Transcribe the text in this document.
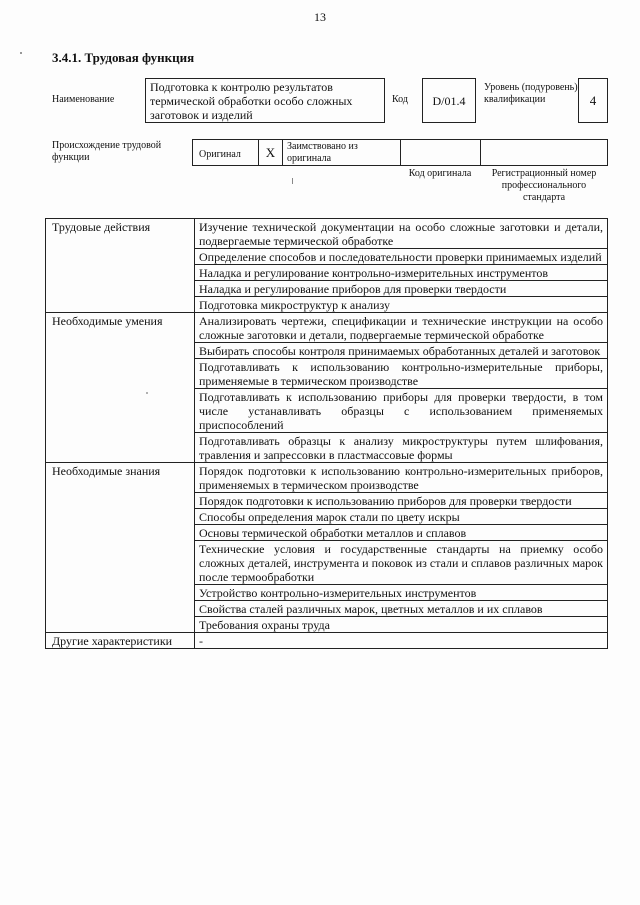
13
3.4.1. Трудовая функция
Наименование
Подготовка к контролю результатов термической обработки особо сложных заготовок и изделий
Код	D/01.4
Уровень (подуровень) квалификации	4
Происхождение трудовой функции	Оригинал	X	Заимствовано из оригинала
Код оригинала	Регистрационный номер профессионального стандарта
Трудовые действия	Изучение технической документации на особо сложные заготовки и детали, подвергаемые термической обработке
	Определение способов и последовательности проверки принимаемых изделий
	Наладка и регулирование контрольно-измерительных инструментов
	Наладка и регулирование приборов для проверки твердости
	Подготовка микроструктур к анализу
Необходимые умения	Анализировать чертежи, спецификации и технические инструкции на особо сложные заготовки и детали, подвергаемые термической обработке
	Выбирать способы контроля принимаемых обработанных деталей и заготовок
	Подготавливать к использованию контрольно-измерительные приборы, применяемые в термическом производстве
	Подготавливать к использованию приборы для проверки твердости, в том числе устанавливать образцы с использованием применяемых приспособлений
	Подготавливать образцы к анализу микроструктуры путем шлифования, травления и запрессовки в пластмассовые формы
Необходимые знания	Порядок подготовки к использованию контрольно-измерительных приборов, применяемых в термическом производстве
	Порядок подготовки к использованию приборов для проверки твердости
	Способы определения марок стали по цвету искры
	Основы термической обработки металлов и сплавов
	Технические условия и государственные стандарты на приемку особо сложных деталей, инструмента и поковок из стали и сплавов различных марок после термообработки
	Устройство контрольно-измерительных инструментов
	Свойства сталей различных марок, цветных металлов и их сплавов
	Требования охраны труда
Другие характеристики	-
